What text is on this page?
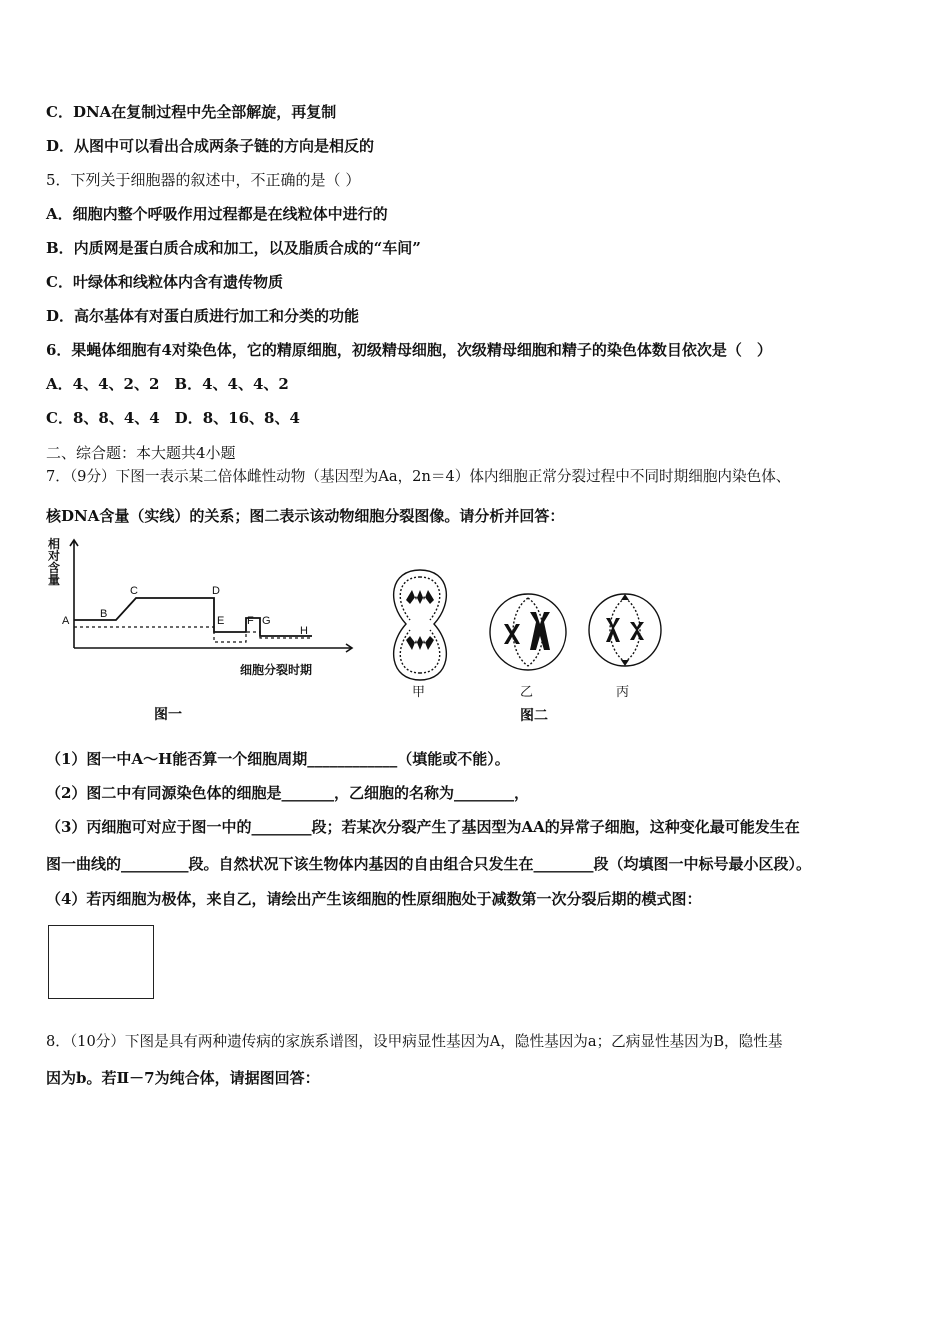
C．DNA在复制过程中先全部解旋，再复制
D．从图中可以看出合成两条子链的方向是相反的
5．下列关于细胞器的叙述中，不正确的是（ ）
A．细胞内整个呼吸作用过程都是在线粒体中进行的
B．内质网是蛋白质合成和加工，以及脂质合成的“车间”
C．叶绿体和线粒体内含有遗传物质
D．高尔基体有对蛋白质进行加工和分类的功能
6．果蝇体细胞有4对染色体，它的精原细胞，初级精母细胞，次级精母细胞和精子的染色体数目依次是（　）
A．4、4、2、2　B．4、4、4、2
C．8、8、4、4　D．8、16、8、4
二、综合题：本大题共4小题
7．（9分）下图一表示某二倍体雌性动物（基因型为Aa，2n＝4）体内细胞正常分裂过程中不同时期细胞内染色体、
核DNA含量（实线）的关系；图二表示该动物细胞分裂图像。请分析并回答：
A
B
C	D
E F G
H
相
对
含
量
细胞分裂时期
图一
甲	乙	丙
图二
（1）图一中A～H能否算一个细胞周期____________（填能或不能）。
（2）图二中有同源染色体的细胞是_______，乙细胞的名称为________，
（3）丙细胞可对应于图一中的________段；若某次分裂产生了基因型为AA的异常子细胞，这种变化最可能发生在
图一曲线的_________段。自然状况下该生物体内基因的自由组合只发生在________段（均填图一中标号最小区段）。
（4）若丙细胞为极体，来自乙，请绘出产生该细胞的性原细胞处于减数第一次分裂后期的模式图：
8．（10分）下图是具有两种遗传病的家族系谱图，设甲病显性基因为A，隐性基因为a；乙病显性基因为B，隐性基
因为b。若Ⅱ－7为纯合体，请据图回答：
